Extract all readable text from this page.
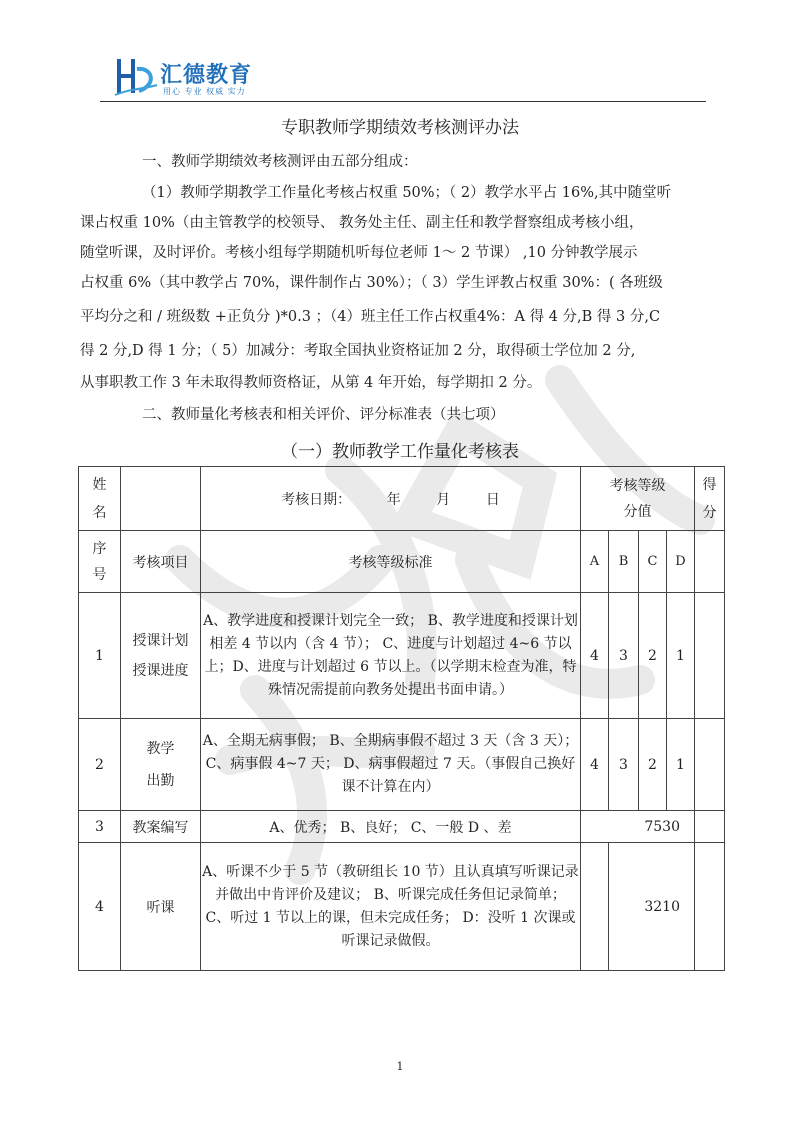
汇德教育
用心 专业 权威 实力
专职教师学期绩效考核测评办法
一、教师学期绩效考核测评由五部分组成：
（1）教师学期教学工作量化考核占权重 50%；（ 2）教学水平占 16%,其中随堂听
课占权重 10%（由主管教学的校领导、 教务处主任、副主任和教学督察组成考核小组，
随堂听课，及时评价。考核小组每学期随机听每位老师 1～ 2 节课） ,10 分钟教学展示
占权重 6%（其中教学占 70%，课件制作占 30%）；（ 3）学生评教占权重 30%：( 各班级
平均分之和 / 班级数 +正负分 )*0.3 ；（4）班主任工作占权重4%：A 得 4 分,B 得 3 分,C
得 2 分,D 得 1 分；（ 5）加减分：考取全国执业资格证加 2 分，取得硕士学位加 2 分,
从事职教工作 3 年未取得教师资格证，从第 4 年开始，每学期扣 2 分。
二、教师量化考核表和相关评价、评分标准表（共七项）
（一）教师教学工作量化考核表
姓名		考核日期：        年        月        日	考核等级分值				得分

序号	考核项目	考核等级标准	A	B	C	D	
1	授课计划授课进度	A、教学进度和授课计划完全一致； B、教学进度和授课计划相差 4 节以内（含 4 节）； C、进度与计划超过 4~6 节以上；D、进度与计划超过 6 节以上。（以学期末检查为准，特殊情况需提前向教务处提出书面申请。）	4	3	2	1	
2	教学出勤	A、全期无病事假； B、全期病事假不超过 3 天（含 3 天）；C、病事假 4~7 天； D、病事假超过 7 天。（事假自己换好课不计算在内）	4	3	2	1	
3	教案编写	A、优秀； B、良好； C、一般 D 、差	7530				
4	听课	A、听课不少于 5 节（教研组长 10 节）且认真填写听课记录并做出中肯评价及建议； B、听课完成任务但记录简单； C、听过 1 节以上的课，但未完成任务； D：没听 1 次课或听课记录做假。		3210			
1
